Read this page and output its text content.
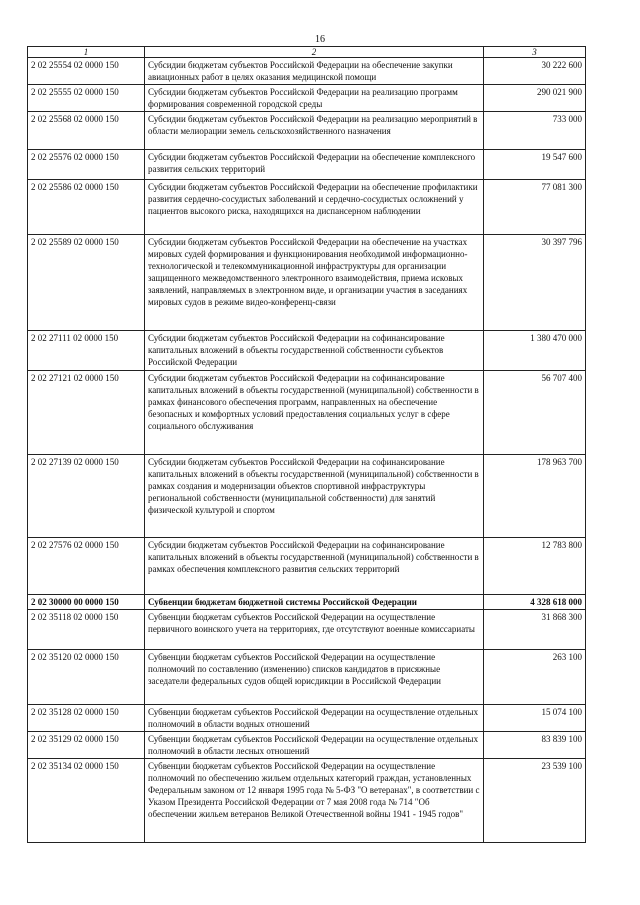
16
1	2	3
2 02 25554 02 0000 150	Субсидии бюджетам субъектов Российской Федерации на обеспечение закупки авиационных работ в целях оказания медицинской помощи	30 222 600
2 02 25555 02 0000 150	Субсидии бюджетам субъектов Российской Федерации на реализацию программ формирования современной городской среды	290 021 900
2 02 25568 02 0000 150	Субсидии бюджетам субъектов Российской Федерации на реализацию мероприятий в области мелиорации земель сельскохозяйственного назначения	733 000
2 02 25576 02 0000 150	Субсидии бюджетам субъектов Российской Федерации на обеспечение комплексного развития сельских территорий	19 547 600
2 02 25586 02 0000 150	Субсидии бюджетам субъектов Российской Федерации на обеспечение профилактики развития сердечно-сосудистых заболеваний и сердечно-сосудистых осложнений у пациентов высокого риска, находящихся на диспансерном наблюдении	77 081 300
2 02 25589 02 0000 150	Субсидии бюджетам субъектов Российской Федерации на обеспечение на участках мировых судей формирования и функционирования необходимой информационно-технологической и телекоммуникационной инфраструктуры для организации защищенного межведомственного электронного взаимодействия, приема исковых заявлений, направляемых в электронном виде, и организации участия в заседаниях мировых судов в режиме видео-конференц-связи	30 397 796
2 02 27111 02 0000 150	Субсидии бюджетам субъектов Российской Федерации на софинансирование капитальных вложений в объекты государственной собственности субъектов Российской Федерации	1 380 470 000
2 02 27121 02 0000 150	Субсидии бюджетам субъектов Российской Федерации на софинансирование капитальных вложений в объекты государственной (муниципальной) собственности в рамках финансового обеспечения программ, направленных на обеспечение безопасных и комфортных условий предоставления социальных услуг в сфере социального обслуживания	56 707 400
2 02 27139 02 0000 150	Субсидии бюджетам субъектов Российской Федерации на софинансирование капитальных вложений в объекты государственной (муниципальной) собственности в рамках создания и модернизации объектов спортивной инфраструктуры региональной собственности (муниципальной собственности) для занятий физической культурой и спортом	178 963 700
2 02 27576 02 0000 150	Субсидии бюджетам субъектов Российской Федерации на софинансирование капитальных вложений в объекты государственной (муниципальной) собственности в рамках обеспечения комплексного развития сельских территорий	12 783 800
2 02 30000 00 0000 150	Субвенции бюджетам бюджетной системы Российской Федерации	4 328 618 000
2 02 35118 02 0000 150	Субвенции бюджетам субъектов Российской Федерации на осуществление первичного воинского учета на территориях, где отсутствуют военные комиссариаты	31 868 300
2 02 35120 02 0000 150	Субвенции бюджетам субъектов Российской Федерации на осуществление полномочий по составлению (изменению) списков кандидатов в присяжные заседатели федеральных судов общей юрисдикции в Российской Федерации	263 100
2 02 35128 02 0000 150	Субвенции бюджетам субъектов Российской Федерации на осуществление отдельных полномочий в области водных отношений	15 074 100
2 02 35129 02 0000 150	Субвенции бюджетам субъектов Российской Федерации на осуществление отдельных полномочий в области лесных отношений	83 839 100
2 02 35134 02 0000 150	Субвенции бюджетам субъектов Российской Федерации на осуществление полномочий по обеспечению жильем отдельных категорий граждан, установленных Федеральным законом от 12 января 1995 года № 5-ФЗ "О ветеранах", в соответствии с Указом Президента Российской Федерации от 7 мая 2008 года № 714 "Об обеспечении жильем ветеранов Великой Отечественной войны 1941 - 1945 годов"	23 539 100
